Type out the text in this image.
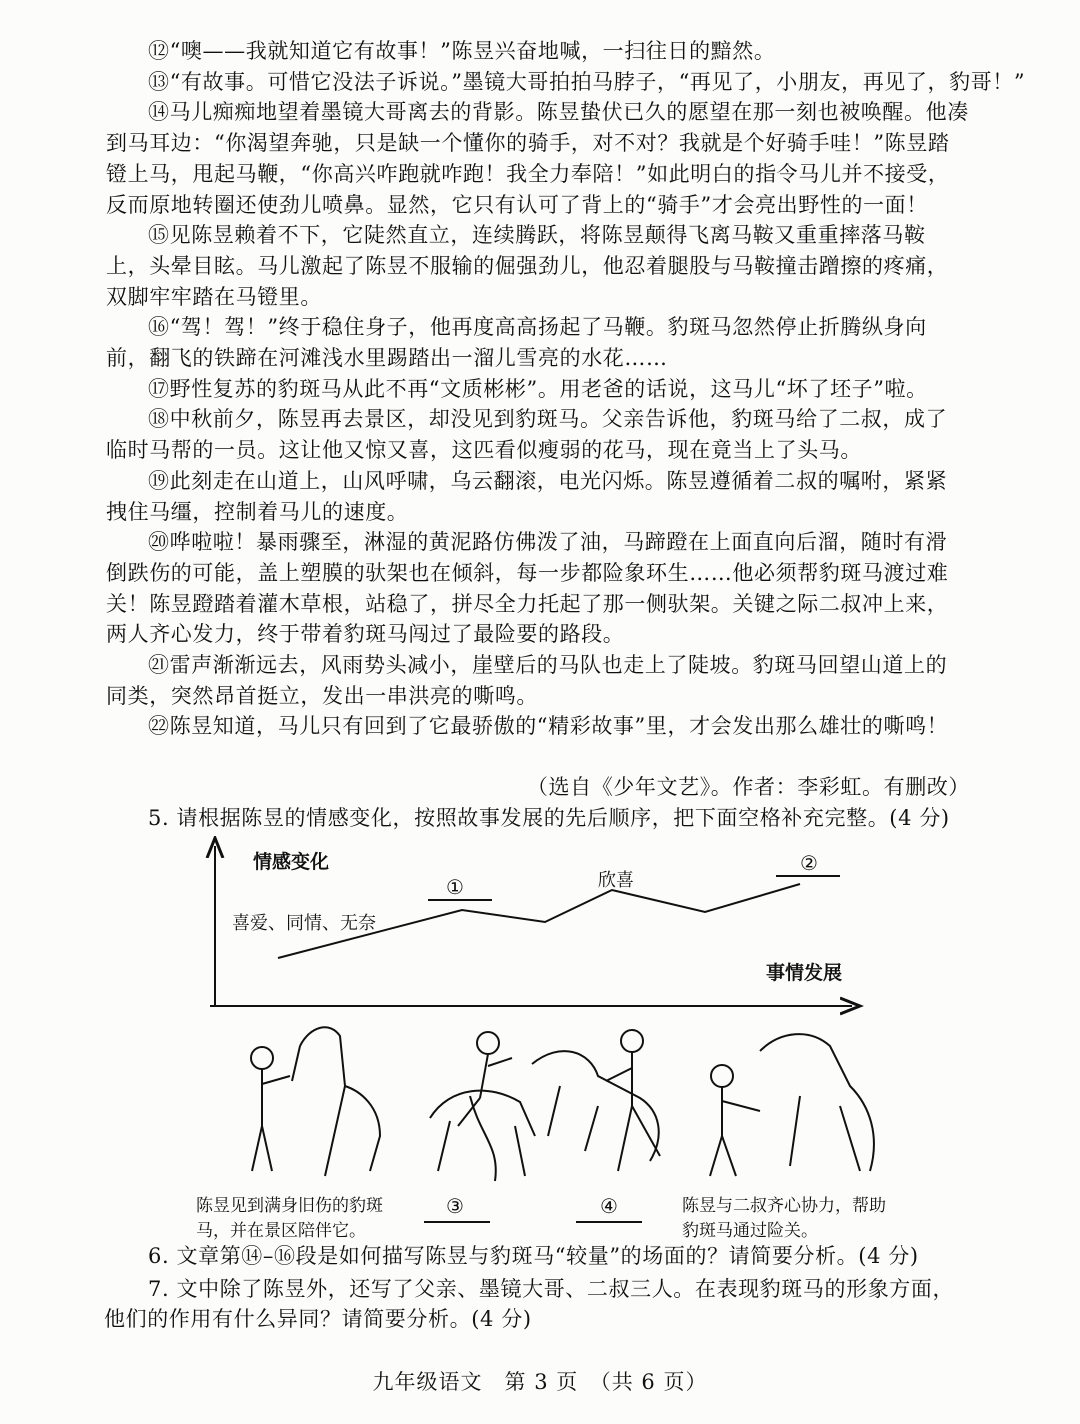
⑫“噢——我就知道它有故事！”陈昱兴奋地喊，一扫往日的黯然。
⑬“有故事。可惜它没法子诉说。”墨镜大哥拍拍马脖子，“再见了，小朋友，再见了，豹哥！”
⑭马儿痴痴地望着墨镜大哥离去的背影。陈昱蛰伏已久的愿望在那一刻也被唤醒。他凑
到马耳边：“你渴望奔驰，只是缺一个懂你的骑手，对不对？我就是个好骑手哇！”陈昱踏
镫上马，甩起马鞭，“你高兴咋跑就咋跑！我全力奉陪！”如此明白的指令马儿并不接受，
反而原地转圈还使劲儿喷鼻。显然，它只有认可了背上的“骑手”才会亮出野性的一面！
⑮见陈昱赖着不下，它陡然直立，连续腾跃，将陈昱颠得飞离马鞍又重重摔落马鞍
上，头晕目眩。马儿激起了陈昱不服输的倔强劲儿，他忍着腿股与马鞍撞击蹭擦的疼痛，
双脚牢牢踏在马镫里。
⑯“驾！驾！”终于稳住身子，他再度高高扬起了马鞭。豹斑马忽然停止折腾纵身向
前，翻飞的铁蹄在河滩浅水里踢踏出一溜儿雪亮的水花……
⑰野性复苏的豹斑马从此不再“文质彬彬”。用老爸的话说，这马儿“坏了坯子”啦。
⑱中秋前夕，陈昱再去景区，却没见到豹斑马。父亲告诉他，豹斑马给了二叔，成了
临时马帮的一员。这让他又惊又喜，这匹看似瘦弱的花马，现在竟当上了头马。
⑲此刻走在山道上，山风呼啸，乌云翻滚，电光闪烁。陈昱遵循着二叔的嘱咐，紧紧
拽住马缰，控制着马儿的速度。
⑳哗啦啦！暴雨骤至，淋湿的黄泥路仿佛泼了油，马蹄蹬在上面直向后溜，随时有滑
倒跌伤的可能，盖上塑膜的驮架也在倾斜，每一步都险象环生……他必须帮豹斑马渡过难
关！陈昱蹬踏着灌木草根，站稳了，拼尽全力托起了那一侧驮架。关键之际二叔冲上来，
两人齐心发力，终于带着豹斑马闯过了最险要的路段。
㉑雷声渐渐远去，风雨势头减小，崖壁后的马队也走上了陡坡。豹斑马回望山道上的
同类，突然昂首挺立，发出一串洪亮的嘶鸣。
㉒陈昱知道，马儿只有回到了它最骄傲的“精彩故事”里，才会发出那么雄壮的嘶鸣！
（选自《少年文艺》。作者：李彩虹。有删改）
5. 请根据陈昱的情感变化，按照故事发展的先后顺序，把下面空格补充完整。(4 分)
情感变化
事情发展
喜爱、同情、无奈
①	欣喜
②
陈昱见到满身旧伤的豹斑
马，并在景区陪伴它。
③	④	陈昱与二叔齐心协力，帮助
豹斑马通过险关。
6. 文章第⑭–⑯段是如何描写陈昱与豹斑马“较量”的场面的？请简要分析。(4 分)
7. 文中除了陈昱外，还写了父亲、墨镜大哥、二叔三人。在表现豹斑马的形象方面，
他们的作用有什么异同？请简要分析。(4 分)
九年级语文　第 3 页　（共 6 页）
